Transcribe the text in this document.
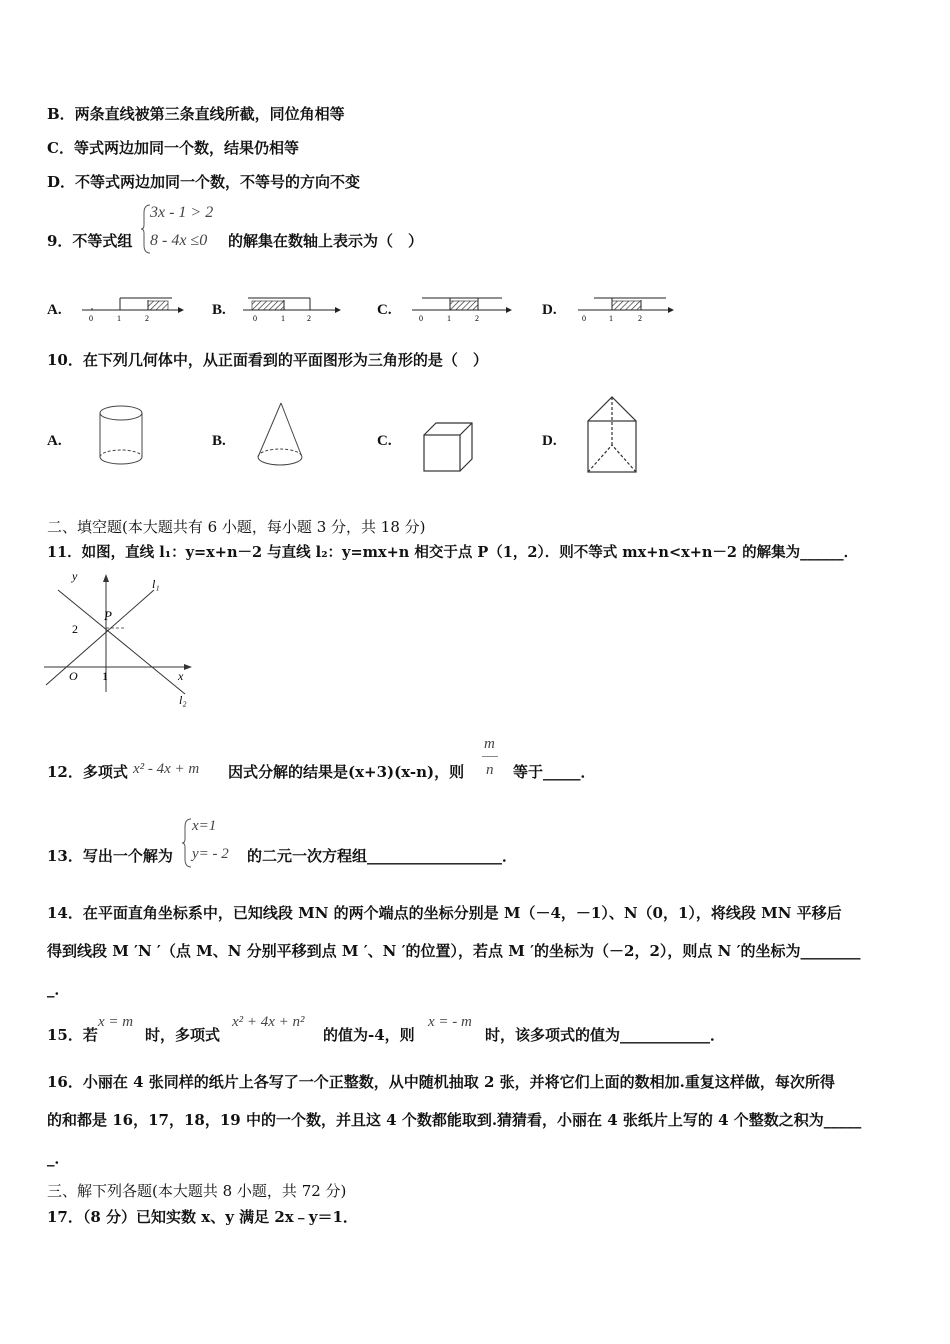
B．两条直线被第三条直线所截，同位角相等
C．等式两边加同一个数，结果仍相等
D．不等式两边加同一个数，不等号的方向不变
9．不等式组
3x - 1 > 2
8 - 4x ≤0 的解集在数轴上表示为（　）
A.	B.	C.	D.
0	1	2	0	1	2	0	1	2	0	1	2
10．在下列几何体中，从正面看到的平面图形为三角形的是（　）
A.	B.	C.	D.
二、填空题(本大题共有 6 小题，每小题 3 分，共 18 分)
11．如图，直线 l₁：y=x+n－2 与直线 l₂：y=mx+n 相交于点 P（1，2）．则不等式 mx+n<x+n－2 的解集为______．
y
x
O 1
2
P
l₁
l₂
12．多项式 x² - 4x + m 因式分解的结果是(x+3)(x-n)，则
m
n 等于_____．
13．写出一个解为
x=1
y= - 2 的二元一次方程组__________________．
14．在平面直角坐标系中，已知线段 MN 的两个端点的坐标分别是 M（－4，－1）、N（0，1），将线段 MN 平移后
得到线段 M ′N ′（点 M、N 分别平移到点 M ′、N ′的位置），若点 M ′的坐标为（－2，2），则点 N ′的坐标为________
_．
15．若
x = m
时，多项式
x² + 4x + n²
的值为-4，则
x = - m
时，该多项式的值为____________．
16．小丽在 4 张同样的纸片上各写了一个正整数，从中随机抽取 2 张，并将它们上面的数相加.重复这样做，每次所得
的和都是 16，17，18，19 中的一个数，并且这 4 个数都能取到.猜猜看，小丽在 4 张纸片上写的 4 个整数之积为_____
_．
三、解下列各题(本大题共 8 小题，共 72 分)
17．（8 分）已知实数 x、y 满足 2x﹣y＝1．
